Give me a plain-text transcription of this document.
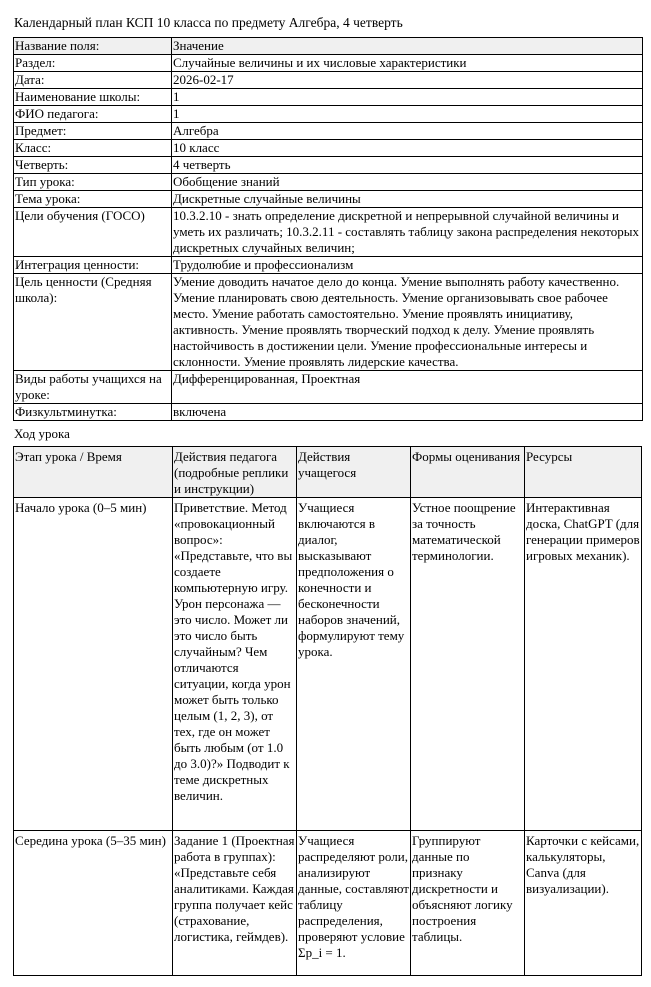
Календарный план КСП 10 класса по предмету Алгебра, 4 четверть
Название поля:	Значение
Раздел:	Случайные величины и их числовые характеристики
Дата:	2026-02-17
Наименование школы:	1
ФИО педагога:	1
Предмет:	Алгебра
Класс:	10 класс
Четверть:	4 четверть
Тип урока:	Обобщение знаний
Тема урока:	Дискретные случайные величины
Цели обучения (ГОСО)	10.3.2.10 - знать определение дискретной и непрерывной случайной величины и уметь их различать; 10.3.2.11 - составлять таблицу закона распределения некоторых дискретных случайных величин;
Интеграция ценности:	Трудолюбие и профессионализм
Цель ценности (Средняя школа):	Умение доводить начатое дело до конца. Умение выполнять работу качественно. Умение планировать свою деятельность. Умение организовывать свое рабочее место. Умение работать самостоятельно. Умение проявлять инициативу, активность. Умение проявлять творческий подход к делу. Умение проявлять настойчивость в достижении цели. Умение профессиональные интересы и склонности. Умение проявлять лидерские качества.
Виды работы учащихся на уроке:	Дифференцированная, Проектная
Физкультминутка:	включена
Ход урока
Этап урока / Время	Действия педагога (подробные реплики и инструкции)	Действия учащегося	Формы оценивания	Ресурсы
Начало урока (0–5 мин)	Приветствие. Метод «провокационный вопрос»: «Представьте, что вы создаете компьютерную игру. Урон персонажа — это число. Может ли это число быть случайным? Чем отличаются ситуации, когда урон может быть только целым (1, 2, 3), от тех, где он может быть любым (от 1.0 до 3.0)?» Подводит к теме дискретных величин.	Учащиеся включаются в диалог, высказывают предположения о конечности и бесконечности наборов значений, формулируют тему урока.	Устное поощрение за точность математической терминологии.	Интерактивная доска, ChatGPT (для генерации примеров игровых механик).
Середина урока (5–35 мин)	Задание 1 (Проектная работа в группах): «Представьте себя аналитиками. Каждая группа получает кейс (страхование, логистика, геймдев).	Учащиеся распределяют роли, анализируют данные, составляют таблицу распределения, проверяют условие Σp_i = 1.	Группируют данные по признаку дискретности и объясняют логику построения таблицы.	Карточки с кейсами, калькуляторы, Canva (для визуализации).
